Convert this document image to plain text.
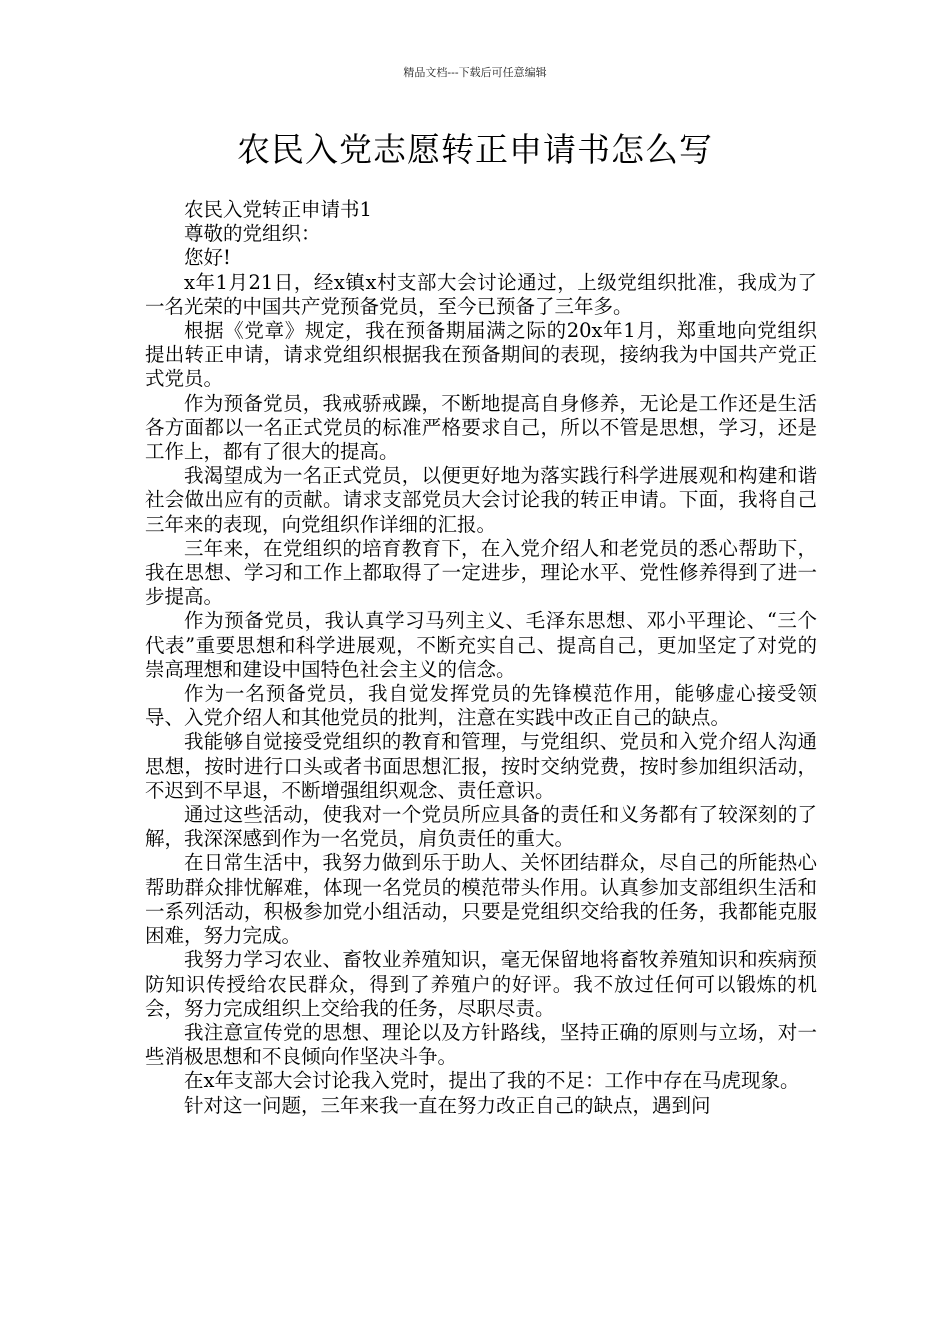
精品文档---下载后可任意编辑
农民入党志愿转正申请书怎么写

农民入党转正申请书1

尊敬的党组织：

您好!

x年1月21日，经x镇x村支部大会讨论通过，上级党组织批准，我成为了一名光荣的中国共产党预备党员，至今已预备了三年多。

根据《党章》规定，我在预备期届满之际的20x年1月，郑重地向党组织提出转正申请，请求党组织根据我在预备期间的表现，接纳我为中国共产党正式党员。

作为预备党员，我戒骄戒躁，不断地提高自身修养，无论是工作还是生活各方面都以一名正式党员的标准严格要求自己，所以不管是思想，学习，还是工作上，都有了很大的提高。

我渴望成为一名正式党员，以便更好地为落实践行科学进展观和构建和谐社会做出应有的贡献。请求支部党员大会讨论我的转正申请。下面，我将自己三年来的表现，向党组织作详细的汇报。

三年来，在党组织的培育教育下，在入党介绍人和老党员的悉心帮助下，我在思想、学习和工作上都取得了一定进步，理论水平、党性修养得到了进一步提高。

作为预备党员，我认真学习马列主义、毛泽东思想、邓小平理论、“三个代表”重要思想和科学进展观，不断充实自己、提高自己，更加坚定了对党的崇高理想和建设中国特色社会主义的信念。

作为一名预备党员，我自觉发挥党员的先锋模范作用，能够虚心接受领导、入党介绍人和其他党员的批判，注意在实践中改正自己的缺点。

我能够自觉接受党组织的教育和管理，与党组织、党员和入党介绍人沟通思想，按时进行口头或者书面思想汇报，按时交纳党费，按时参加组织活动，不迟到不早退，不断增强组织观念、责任意识。

通过这些活动，使我对一个党员所应具备的责任和义务都有了较深刻的了解，我深深感到作为一名党员，肩负责任的重大。

在日常生活中，我努力做到乐于助人、关怀团结群众，尽自己的所能热心帮助群众排忧解难，体现一名党员的模范带头作用。认真参加支部组织生活和一系列活动，积极参加党小组活动，只要是党组织交给我的任务，我都能克服困难，努力完成。

我努力学习农业、畜牧业养殖知识，毫无保留地将畜牧养殖知识和疾病预防知识传授给农民群众，得到了养殖户的好评。我不放过任何可以锻炼的机会，努力完成组织上交给我的任务，尽职尽责。

我注意宣传党的思想、理论以及方针路线，坚持正确的原则与立场，对一些消极思想和不良倾向作坚决斗争。

在x年支部大会讨论我入党时，提出了我的不足：工作中存在马虎现象。

针对这一问题，三年来我一直在努力改正自己的缺点，遇到问
